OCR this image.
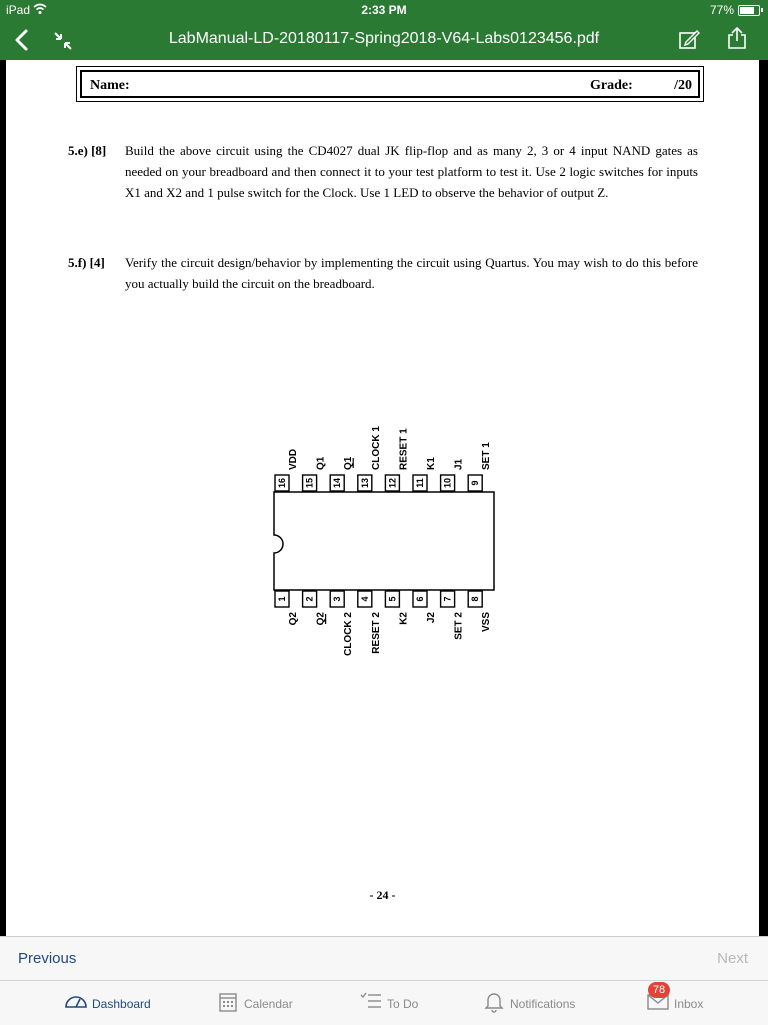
iPad	2:33 PM	77%
LabManual-LD-20180117-Spring2018-V64-Labs0123456.pdf
Name:	Grade:	/20
5.e) [8] Build the above circuit using the CD4027 dual JK flip-flop and as many 2, 3 or 4 input NAND gates as needed on your breadboard and then connect it to your test platform to test it. Use 2 logic switches for inputs X1 and X2 and 1 pulse switch for the Clock. Use 1 LED to observe the behavior of output Z.
5.f) [4] Verify the circuit design/behavior by implementing the circuit using Quartus. You may wish to do this before you actually build the circuit on the breadboard.
16
VDD
15
Q1
14
Q1
13
CLOCK 1
12
RESET 1
11
K1
10
J1
9
SET 1
1
Q2
2
Q2
3
CLOCK 2
4
RESET 2
5
K2
6
J2
7
SET 2
8
VSS
- 24 -
Previous	Next
Dashboard	Calendar	To Do	Notifications	Inbox
78
